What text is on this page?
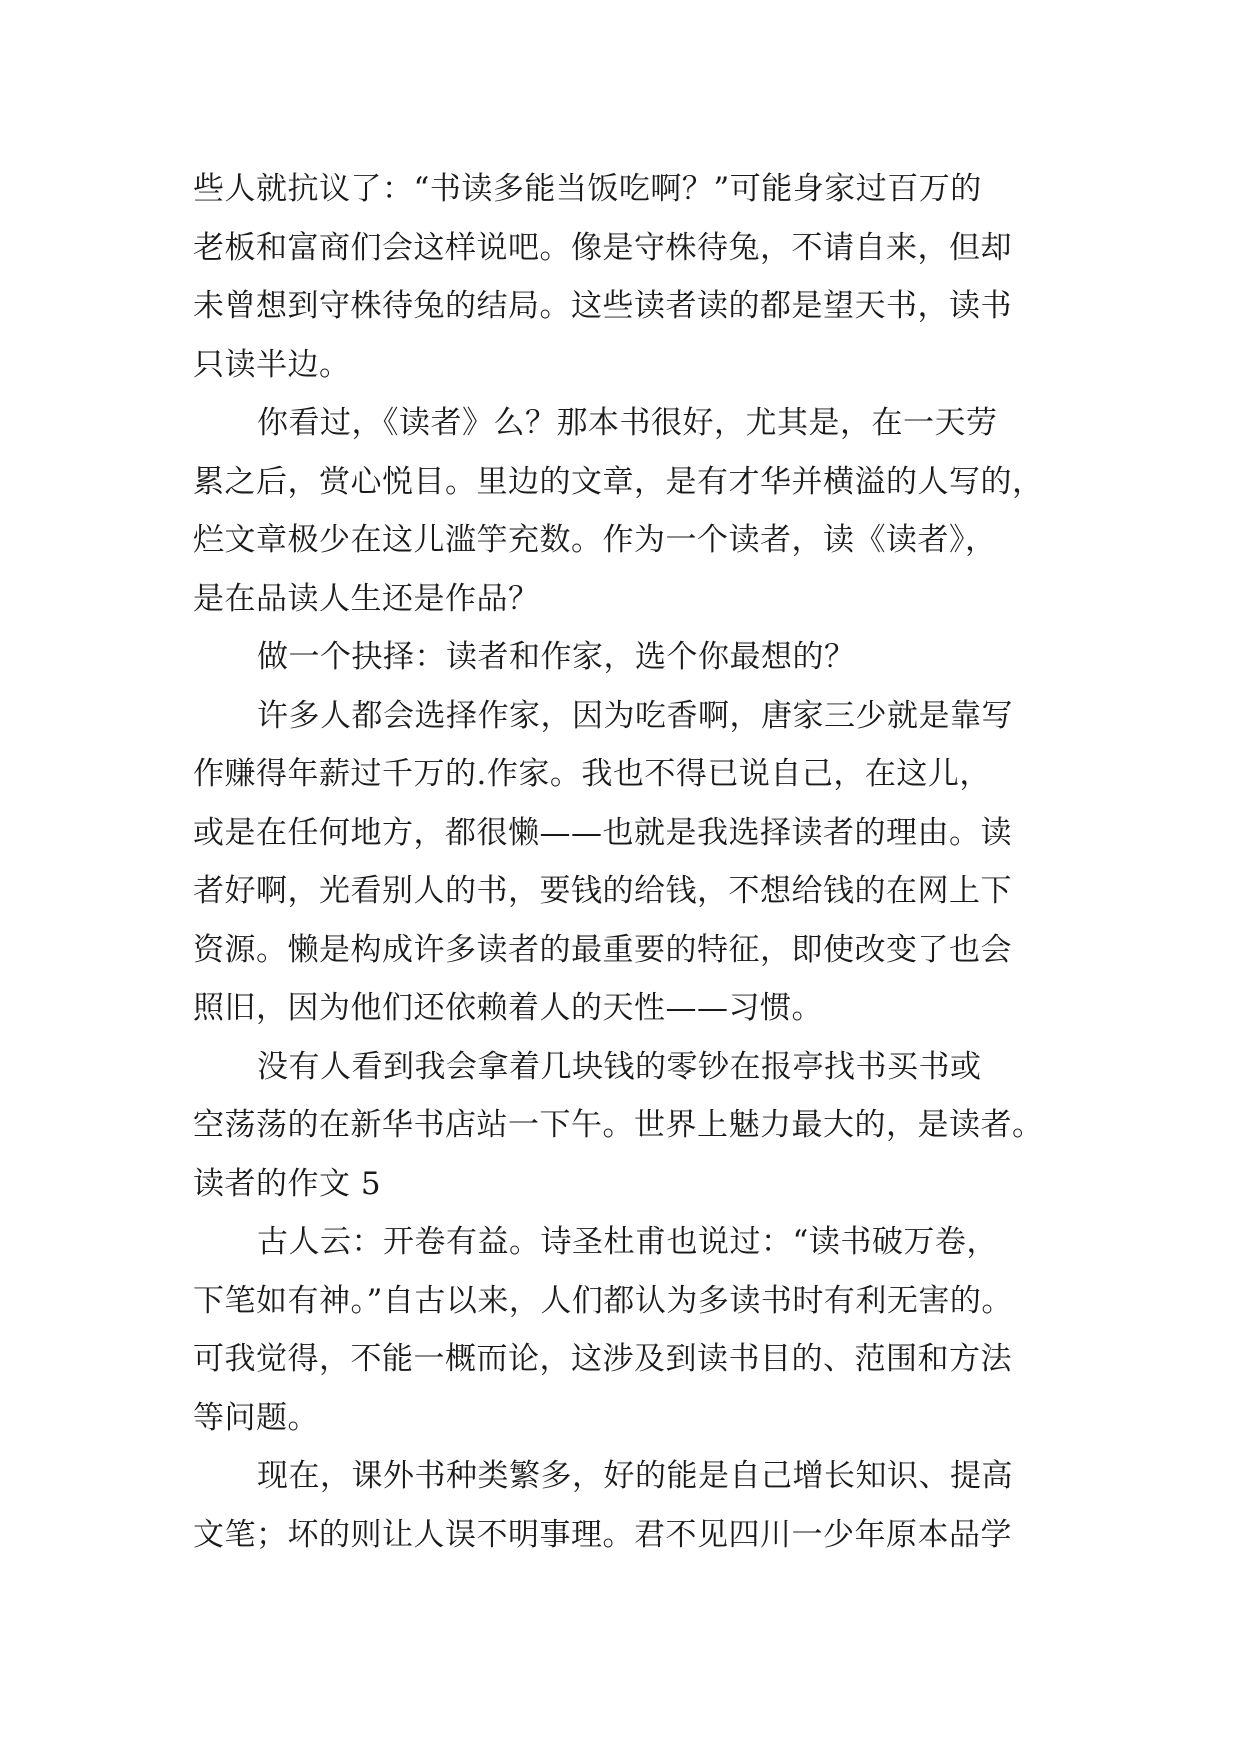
些人就抗议了：“书读多能当饭吃啊？”可能身家过百万的
老板和富商们会这样说吧。像是守株待兔，不请自来，但却
未曾想到守株待兔的结局。这些读者读的都是望天书，读书
只读半边。
你看过，《读者》么？那本书很好，尤其是，在一天劳
累之后，赏心悦目。里边的文章，是有才华并横溢的人写的，
烂文章极少在这儿滥竽充数。作为一个读者，读《读者》，
是在品读人生还是作品？
做一个抉择：读者和作家，选个你最想的？
许多人都会选择作家，因为吃香啊，唐家三少就是靠写
作赚得年薪过千万的.作家。我也不得已说自己，在这儿，
或是在任何地方，都很懒——也就是我选择读者的理由。读
者好啊，光看别人的书，要钱的给钱，不想给钱的在网上下
资源。懒是构成许多读者的最重要的特征，即使改变了也会
照旧，因为他们还依赖着人的天性——习惯。
没有人看到我会拿着几块钱的零钞在报亭找书买书或
空荡荡的在新华书店站一下午。世界上魅力最大的，是读者。
读者的作文 5
古人云：开卷有益。诗圣杜甫也说过：“读书破万卷，
下笔如有神。”自古以来，人们都认为多读书时有利无害的。
可我觉得，不能一概而论，这涉及到读书目的、范围和方法
等问题。
现在，课外书种类繁多，好的能是自己增长知识、提高
文笔；坏的则让人误不明事理。君不见四川一少年原本品学
